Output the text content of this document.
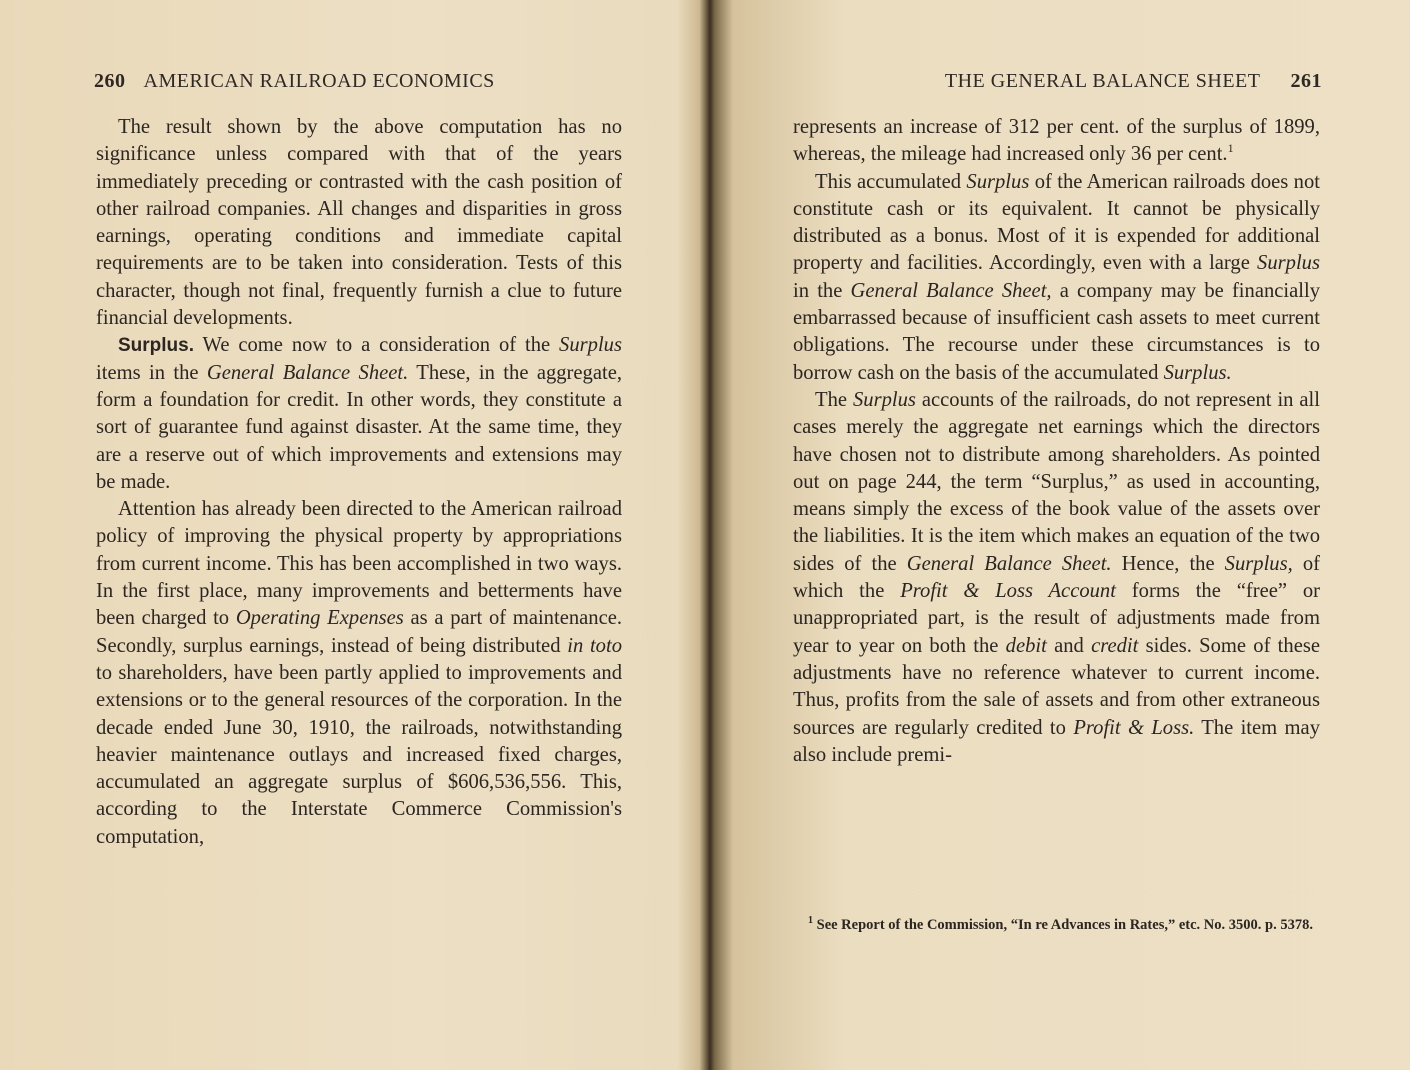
260 AMERICAN RAILROAD ECONOMICS

The result shown by the above computation has no significance unless compared with that of the years immediately preceding or contrasted with the cash position of other railroad companies. All changes and disparities in gross earnings, operating conditions and immediate capital requirements are to be taken into consideration. Tests of this character, though not final, frequently furnish a clue to future financial developments.

Surplus. We come now to a consideration of the Surplus items in the General Balance Sheet. These, in the aggregate, form a foundation for credit. In other words, they constitute a sort of guarantee fund against disaster. At the same time, they are a reserve out of which improvements and extensions may be made.

Attention has already been directed to the American railroad policy of improving the physical property by appropriations from current income. This has been accomplished in two ways. In the first place, many improvements and betterments have been charged to Operating Expenses as a part of maintenance. Secondly, surplus earnings, instead of being distributed in toto to shareholders, have been partly applied to improvements and extensions or to the general resources of the corporation. In the decade ended June 30, 1910, the railroads, notwithstanding heavier maintenance outlays and increased fixed charges, accumulated an aggregate surplus of $606,536,556. This, according to the Interstate Commerce Commission's computation,

THE GENERAL BALANCE SHEET 261

represents an increase of 312 per cent. of the surplus of 1899, whereas, the mileage had increased only 36 per cent.$^1$

This accumulated Surplus of the American railroads does not constitute cash or its equivalent. It cannot be physically distributed as a bonus. Most of it is expended for additional property and facilities. Accordingly, even with a large Surplus in the General Balance Sheet, a company may be financially embarrassed because of insufficient cash assets to meet current obligations. The recourse under these circumstances is to borrow cash on the basis of the accumulated Surplus.

The Surplus accounts of the railroads, do not represent in all cases merely the aggregate net earnings which the directors have chosen not to distribute among shareholders. As pointed out on page 244, the term “Surplus,” as used in accounting, means simply the excess of the book value of the assets over the liabilities. It is the item which makes an equation of the two sides of the General Balance Sheet. Hence, the Surplus, of which the Profit & Loss Account forms the “free” or unappropriated part, is the result of adjustments made from year to year on both the debit and credit sides. Some of these adjustments have no reference whatever to current income. Thus, profits from the sale of assets and from other extraneous sources are regularly credited to Profit & Loss. The item may also include premi-

$^1$ See Report of the Commission, “In re Advances in Rates,” etc. No. 3500. p. 5378.
